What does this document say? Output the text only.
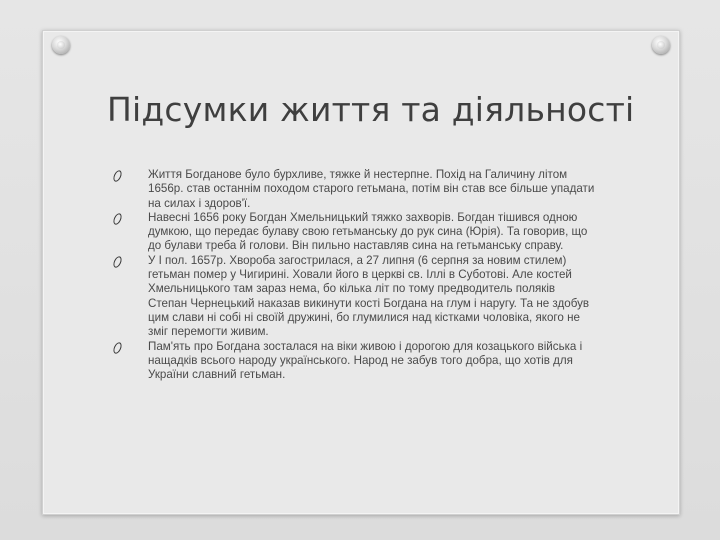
Підсумки життя та діяльності
Життя Богданове було бурхливе, тяжке й нестерпне. Похід на Галичину літом 1656р. став останнім походом старого гетьмана, потім він став все більше упадати на силах і здоров'ї.
Навесні 1656 року Богдан Хмельницький тяжко захворів. Богдан тішився одною думкою, що передає булаву свою гетьманську до рук сина (Юрія). Та говорив, що до булави треба й голови. Він пильно наставляв сина на гетьманську справу.
У І пол. 1657р. Хвороба загострилася, а 27 липня (6 серпня за новим стилем) гетьман помер у Чигирині. Ховали його в церкві св. Іллі в Суботові. Але костей Хмельницького там зараз нема, бо кілька літ по тому предводитель поляків Степан Чернецький наказав викинути кості Богдана на глум і наругу. Та не здобув цим слави ні собі ні своїй дружині, бо глумилися над кістками чоловіка, якого не зміг перемогти живим.
Пам'ять про Богдана зосталася на віки живою і дорогою для козацького війська і нащадків всього народу українського. Народ не забув того добра, що хотів для України славний гетьман.
